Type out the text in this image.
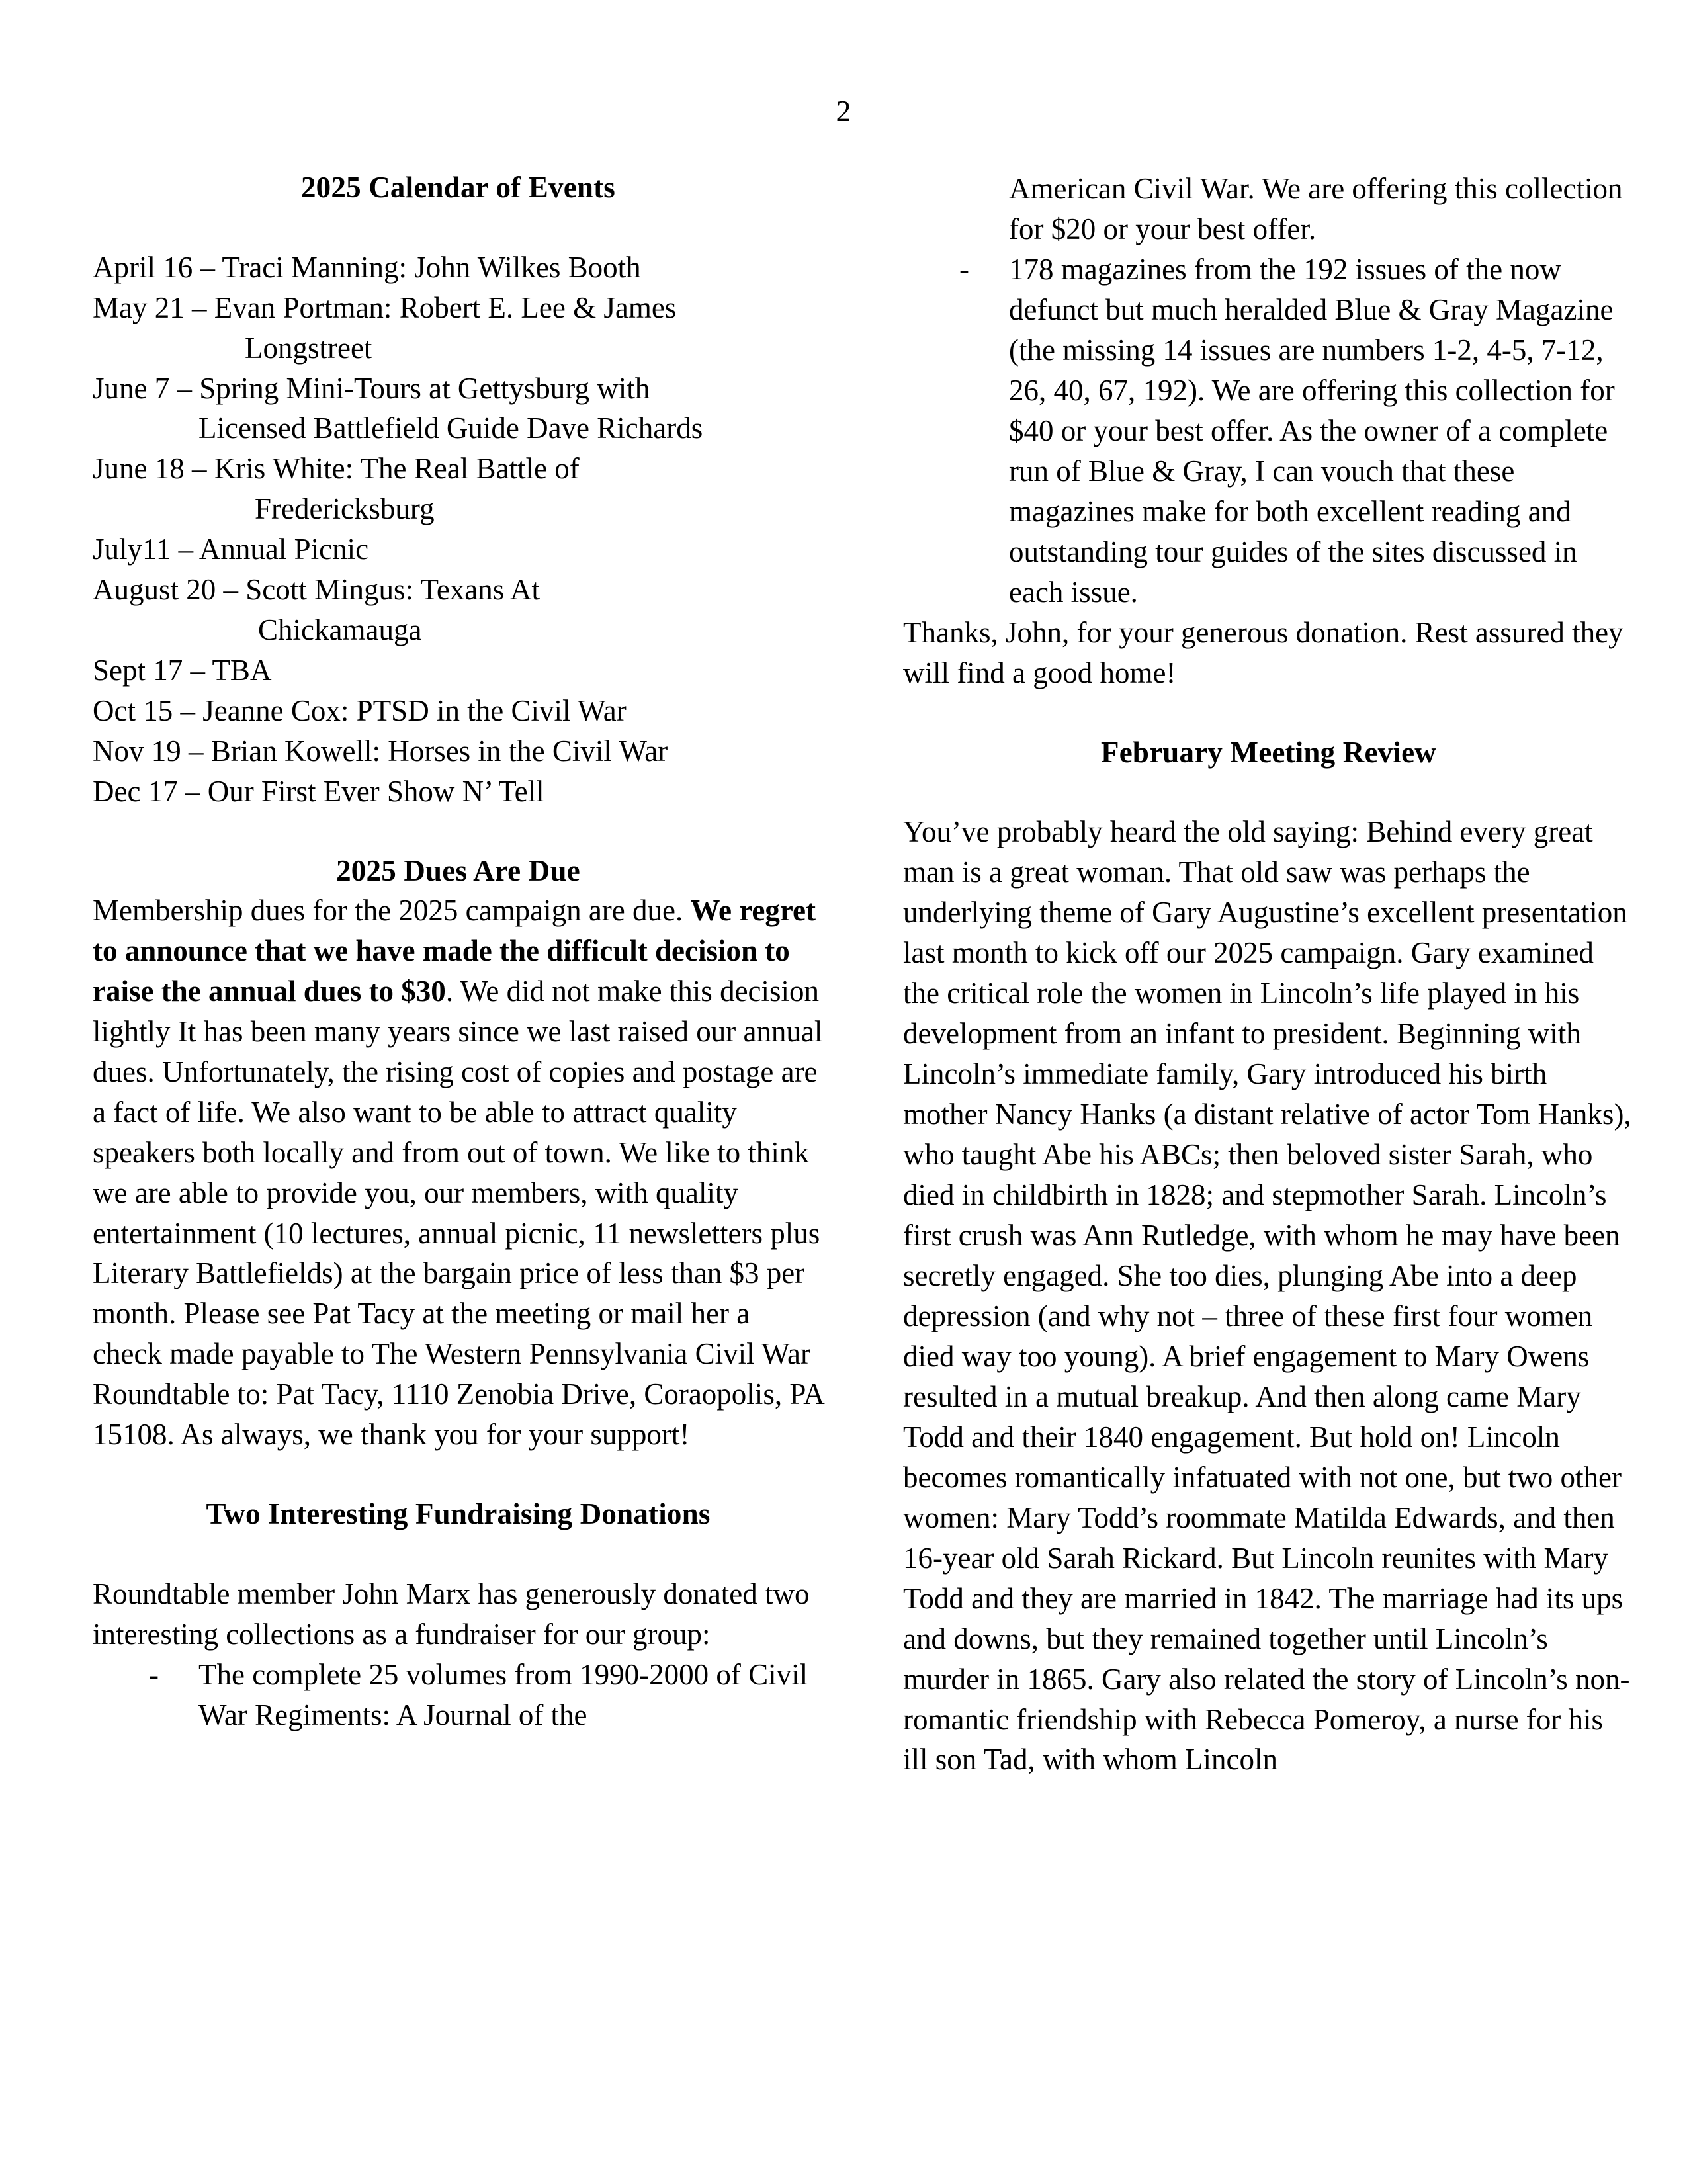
2
2025 Calendar of Events
April 16 – Traci Manning: John Wilkes Booth
May 21 – Evan Portman: Robert E. Lee & James
Longstreet
June 7 – Spring Mini-Tours at Gettysburg with
Licensed Battlefield Guide Dave Richards
June 18 – Kris White: The Real Battle of
Fredericksburg
July11 – Annual Picnic
August 20 – Scott Mingus: Texans At
Chickamauga
Sept 17 – TBA
Oct 15 – Jeanne Cox: PTSD in the Civil War
Nov 19 – Brian Kowell: Horses in the Civil War
Dec 17 – Our First Ever Show N’ Tell
2025 Dues Are Due

Membership dues for the 2025 campaign are due. We regret to announce that we have made the difficult decision to raise the annual dues to $30. We did not make this decision lightly It has been many years since we last raised our annual dues. Unfortunately, the rising cost of copies and postage are a fact of life. We also want to be able to attract quality speakers both locally and from out of town. We like to think we are able to provide you, our members, with quality entertainment (10 lectures, annual picnic, 11 newsletters plus Literary Battlefields) at the bargain price of less than $3 per month. Please see Pat Tacy at the meeting or mail her a check made payable to The Western Pennsylvania Civil War Roundtable to: Pat Tacy, 1110 Zenobia Drive, Coraopolis, PA 15108. As always, we thank you for your support!

Two Interesting Fundraising Donations

Roundtable member John Marx has generously donated two interesting collections as a fundraiser for our group:

-	The complete 25 volumes from 1990-2000 of Civil War Regiments: A Journal of the

American Civil War. We are offering this collection for $20 or your best offer.

-	178 magazines from the 192 issues of the now defunct but much heralded Blue & Gray Magazine (the missing 14 issues are numbers 1-2, 4-5, 7-12, 26, 40, 67, 192). We are offering this collection for $40 or your best offer. As the owner of a complete run of Blue & Gray, I can vouch that these magazines make for both excellent reading and outstanding tour guides of the sites discussed in each issue.

Thanks, John, for your generous donation. Rest assured they will find a good home!

February Meeting Review

You’ve probably heard the old saying: Behind every great man is a great woman. That old saw was perhaps the underlying theme of Gary Augustine’s excellent presentation last month to kick off our 2025 campaign. Gary examined the critical role the women in Lincoln’s life played in his development from an infant to president. Beginning with Lincoln’s immediate family, Gary introduced his birth mother Nancy Hanks (a distant relative of actor Tom Hanks), who taught Abe his ABCs; then beloved sister Sarah, who died in childbirth in 1828; and stepmother Sarah. Lincoln’s first crush was Ann Rutledge, with whom he may have been secretly engaged. She too dies, plunging Abe into a deep depression (and why not – three of these first four women died way too young). A brief engagement to Mary Owens resulted in a mutual breakup. And then along came Mary Todd and their 1840 engagement. But hold on! Lincoln becomes romantically infatuated with not one, but two other women: Mary Todd’s roommate Matilda Edwards, and then 16-year old Sarah Rickard. But Lincoln reunites with Mary Todd and they are married in 1842. The marriage had its ups and downs, but they remained together until Lincoln’s murder in 1865. Gary also related the story of Lincoln’s non-romantic friendship with Rebecca Pomeroy, a nurse for his ill son Tad, with whom Lincoln
